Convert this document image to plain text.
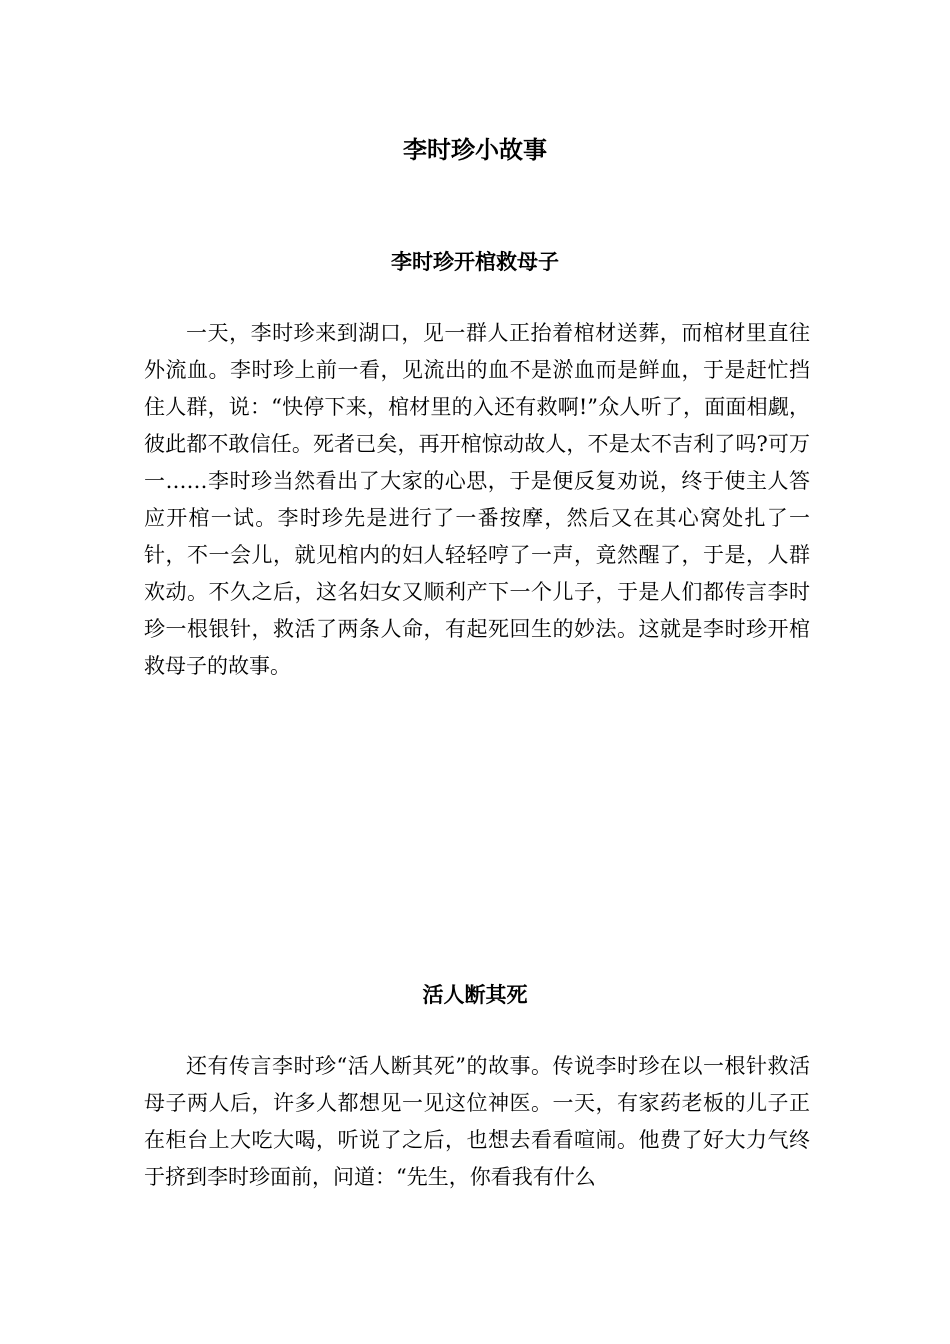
李时珍小故事
李时珍开棺救母子

一天，李时珍来到湖口，见一群人正抬着棺材送葬，而棺材里直往外流血。李时珍上前一看，见流出的血不是淤血而是鲜血，于是赶忙挡住人群，说：“快停下来，棺材里的入还有救啊!”众人听了，面面相觑，彼此都不敢信任。死者已矣，再开棺惊动故人，不是太不吉利了吗?可万一……李时珍当然看出了大家的心思，于是便反复劝说，终于使主人答应开棺一试。李时珍先是进行了一番按摩，然后又在其心窝处扎了一针，不一会儿，就见棺内的妇人轻轻哼了一声，竟然醒了，于是，人群欢动。不久之后，这名妇女又顺利产下一个儿子，于是人们都传言李时珍一根银针，救活了两条人命，有起死回生的妙法。这就是李时珍开棺救母子的故事。

活人断其死

还有传言李时珍“活人断其死”的故事。传说李时珍在以一根针救活母子两人后，许多人都想见一见这位神医。一天，有家药老板的儿子正在柜台上大吃大喝，听说了之后，也想去看看喧闹。他费了好大力气终于挤到李时珍面前，问道：“先生，你看我有什么
